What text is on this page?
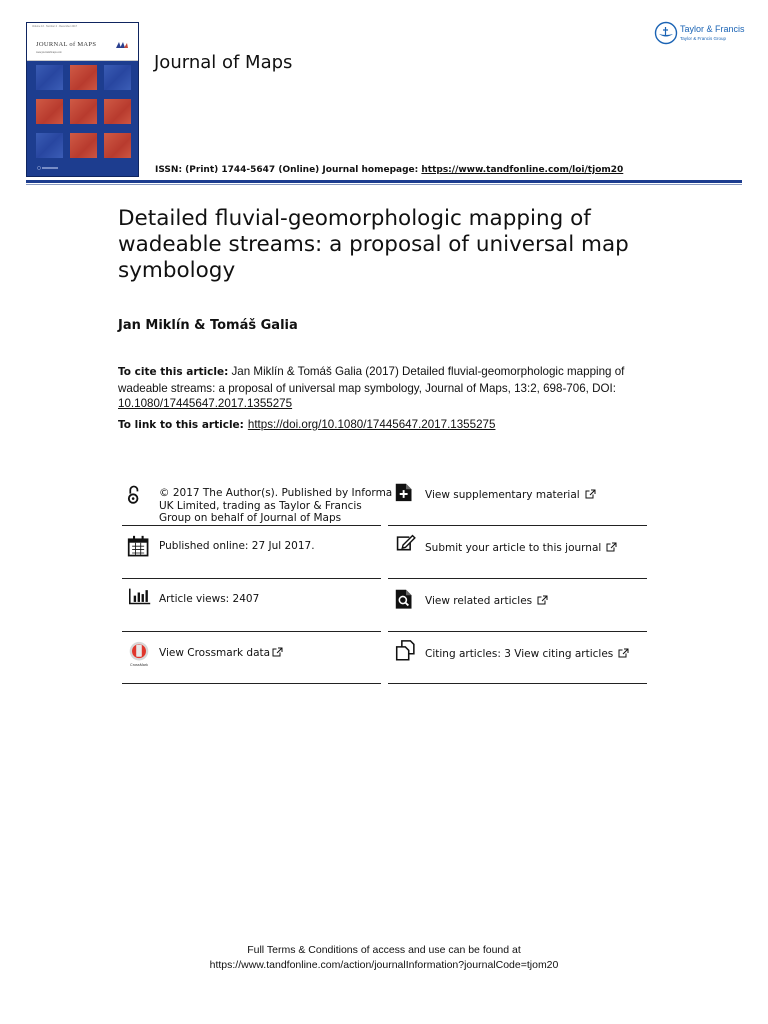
Volume 13 · Number 2 · December 2017
JOURNAL of MAPS
www.journalofmaps.com	Journal of Maps
Taylor & Francis
Taylor & Francis Group
ISSN: (Print) 1744-5647 (Online) Journal homepage: https://www.tandfonline.com/loi/tjom20
Detailed fluvial-geomorphologic mapping of wadeable streams: a proposal of universal map symbology
Jan Miklín & Tomáš Galia
To cite this article: Jan Miklín & Tomáš Galia (2017) Detailed fluvial-geomorphologic mapping of wadeable streams: a proposal of universal map symbology, Journal of Maps, 13:2, 698-706, DOI: 10.1080/17445647.2017.1355275
To link to this article: https://doi.org/10.1080/17445647.2017.1355275
© 2017 The Author(s). Published by Informa
UK Limited, trading as Taylor & Francis
Group on behalf of Journal of Maps
Published online: 27 Jul 2017.
Article views: 2407
CrossMark
View Crossmark data
View supplementary material
Submit your article to this journal
View related articles
Citing articles: 3 View citing articles
Full Terms & Conditions of access and use can be found at
https://www.tandfonline.com/action/journalInformation?journalCode=tjom20
